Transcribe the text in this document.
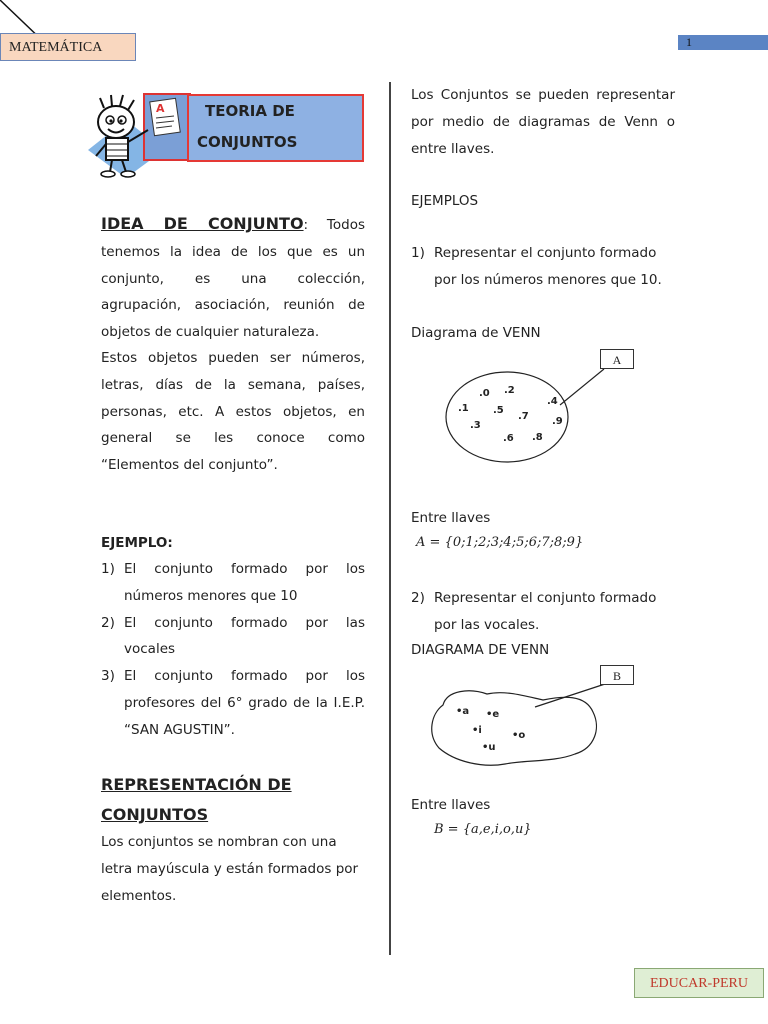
MATEMÁTICA	1
A	TEORIA DE
CONJUNTOS
IDEA DE CONJUNTO: Todos tenemos la idea de los que es un conjunto, es una colección, agrupación, asociación, reunión de objetos de cualquier naturaleza.
Estos objetos pueden ser números, letras, días de la semana, países, personas, etc. A estos objetos, en general se les conoce como “Elementos del conjunto”.
EJEMPLO:
1) El conjunto formado por los números menores que 10
2) El conjunto formado por las vocales
3) El conjunto formado por los profesores del 6° grado de la I.E.P. “SAN AGUSTIN”.
REPRESENTACIÓN DE
CONJUNTOS
Los conjuntos se nombran con una letra mayúscula y están formados por elementos.
Los Conjuntos se pueden representar por medio de diagramas de Venn o entre llaves.
EJEMPLOS
1) Representar el conjunto formado por los números menores que 10.
Diagrama de VENN
A
.0 .2
.1 .5
.4
.7 .9
.3
.6 .8
Entre llaves
A = {0;1;2;3;4;5;6;7;8;9}
2) Representar el conjunto formado por las vocales.
DIAGRAMA DE VENN
B
•a •e
•i	•o
•u
Entre llaves
B = {a,e,i,o,u}
EDUCAR-PERU
